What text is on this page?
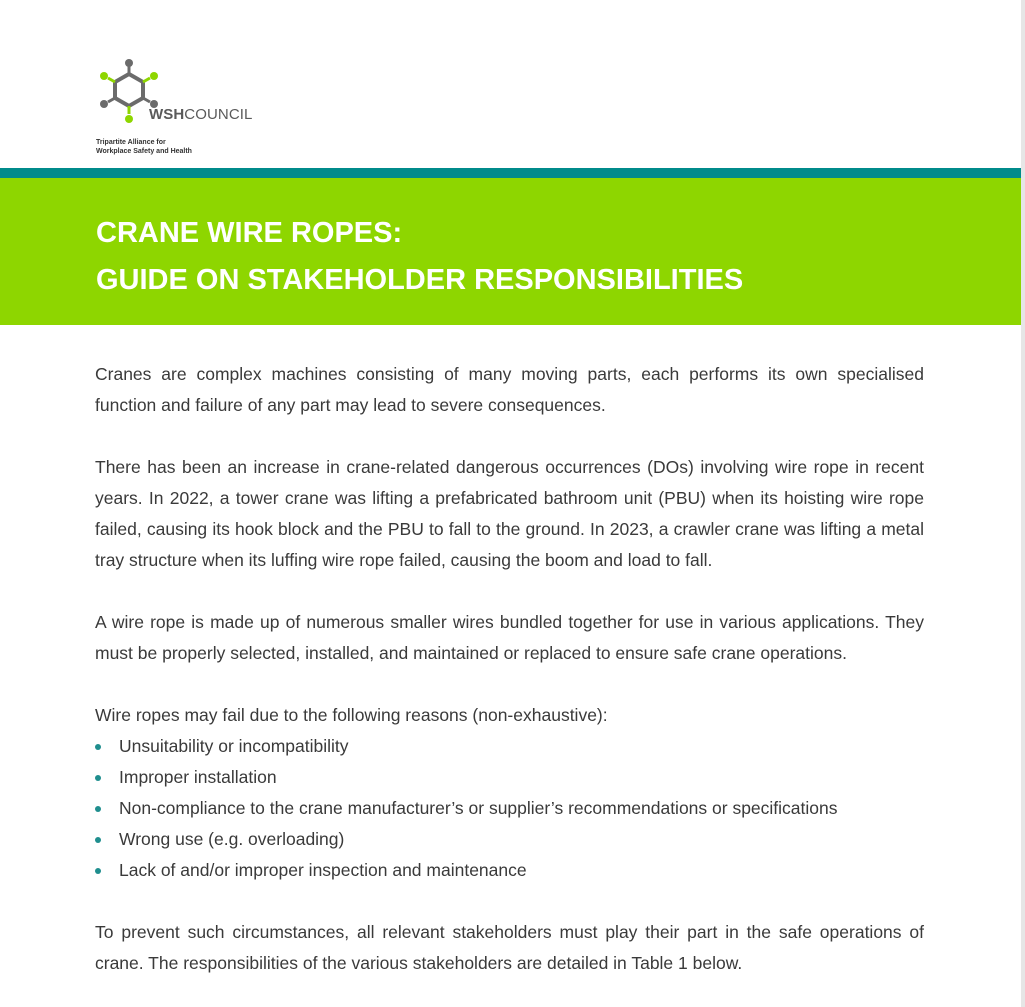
WSHCOUNCIL
Tripartite Alliance for
Workplace Safety and Health
CRANE WIRE ROPES:
GUIDE ON STAKEHOLDER RESPONSIBILITIES

Cranes are complex machines consisting of many moving parts, each performs its own specialised function and failure of any part may lead to severe consequences.

There has been an increase in crane-related dangerous occurrences (DOs) involving wire rope in recent years. In 2022, a tower crane was lifting a prefabricated bathroom unit (PBU) when its hoisting wire rope failed, causing its hook block and the PBU to fall to the ground. In 2023, a crawler crane was lifting a metal tray structure when its luffing wire rope failed, causing the boom and load to fall.

A wire rope is made up of numerous smaller wires bundled together for use in various applications. They must be properly selected, installed, and maintained or replaced to ensure safe crane operations.

Wire ropes may fail due to the following reasons (non-exhaustive):

Unsuitability or incompatibility
Improper installation
Non-compliance to the crane manufacturer’s or supplier’s recommendations or specifications
Wrong use (e.g. overloading)
Lack of and/or improper inspection and maintenance

To prevent such circumstances, all relevant stakeholders must play their part in the safe operations of crane. The responsibilities of the various stakeholders are detailed in Table 1 below.
